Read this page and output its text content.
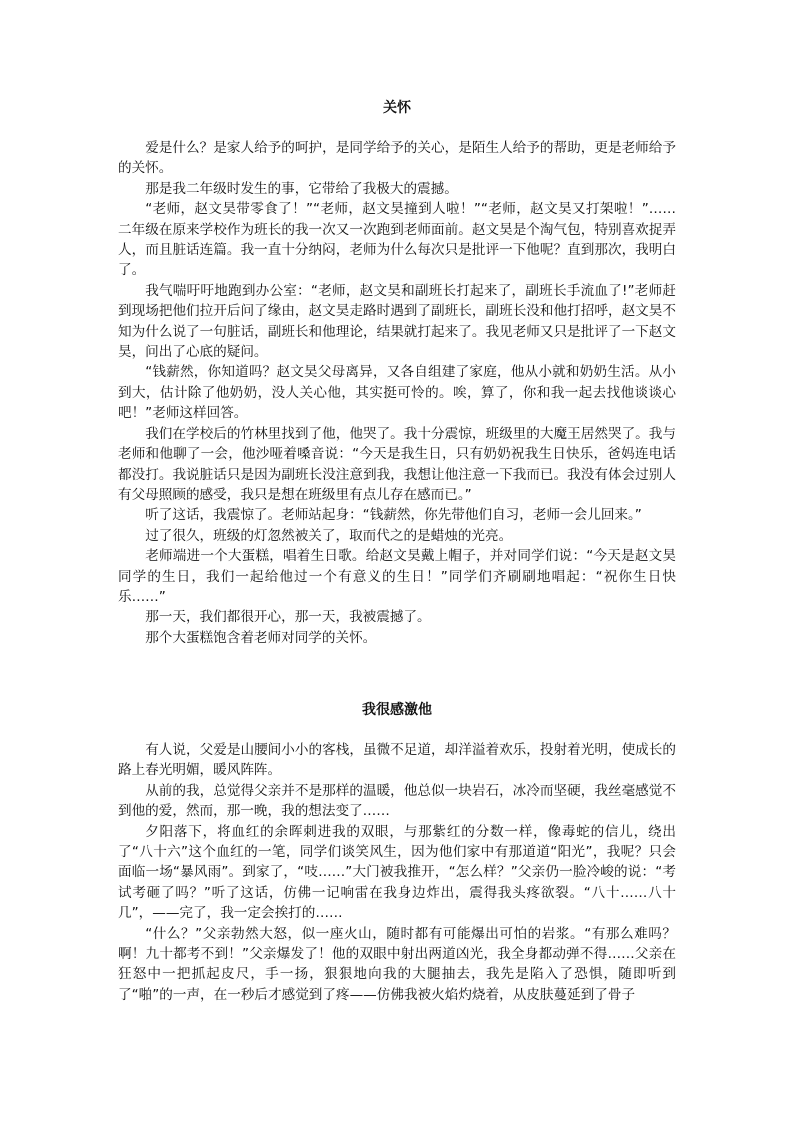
关怀

爱是什么？是家人给予的呵护，是同学给予的关心，是陌生人给予的帮助，更是老师给予的关怀。

那是我二年级时发生的事，它带给了我极大的震撼。

“老师，赵文昊带零食了！”“老师，赵文昊撞到人啦！”“老师，赵文昊又打架啦！”……二年级在原来学校作为班长的我一次又一次跑到老师面前。赵文昊是个淘气包，特别喜欢捉弄人，而且脏话连篇。我一直十分纳闷，老师为什么每次只是批评一下他呢？直到那次，我明白了。

我气喘吁吁地跑到办公室：“老师，赵文昊和副班长打起来了，副班长手流血了!”老师赶到现场把他们拉开后问了缘由，赵文昊走路时遇到了副班长，副班长没和他打招呼，赵文昊不知为什么说了一句脏话，副班长和他理论，结果就打起来了。我见老师又只是批评了一下赵文昊，问出了心底的疑问。

“钱薪然，你知道吗？赵文昊父母离异，又各自组建了家庭，他从小就和奶奶生活。从小到大，估计除了他奶奶，没人关心他，其实挺可怜的。唉，算了，你和我一起去找他谈谈心吧！”老师这样回答。

我们在学校后的竹林里找到了他，他哭了。我十分震惊，班级里的大魔王居然哭了。我与老师和他聊了一会，他沙哑着嗓音说：“今天是我生日，只有奶奶祝我生日快乐，爸妈连电话都没打。我说脏话只是因为副班长没注意到我，我想让他注意一下我而已。我没有体会过别人有父母照顾的感受，我只是想在班级里有点儿存在感而已。”

听了这话，我震惊了。老师站起身：“钱薪然，你先带他们自习，老师一会儿回来。”

过了很久，班级的灯忽然被关了，取而代之的是蜡烛的光亮。

老师端进一个大蛋糕，唱着生日歌。给赵文昊戴上帽子，并对同学们说：“今天是赵文昊同学的生日，我们一起给他过一个有意义的生日！”同学们齐刷刷地唱起：“祝你生日快乐……”

那一天，我们都很开心，那一天，我被震撼了。

那个大蛋糕饱含着老师对同学的关怀。

我很感激他

有人说，父爱是山腰间小小的客栈，虽微不足道，却洋溢着欢乐，投射着光明，使成长的路上春光明媚，暖风阵阵。

从前的我，总觉得父亲并不是那样的温暖，他总似一块岩石，冰冷而坚硬，我丝毫感觉不到他的爱，然而，那一晚，我的想法变了……

夕阳落下，将血红的余晖刺进我的双眼，与那紫红的分数一样，像毒蛇的信儿，绕出了“八十六”这个血红的一笔，同学们谈笑风生，因为他们家中有那道道“阳光”，我呢？只会面临一场“暴风雨”。到家了，“吱……”大门被我推开，“怎么样？”父亲仍一脸冷峻的说：“考试考砸了吗？”听了这话，仿佛一记响雷在我身边炸出，震得我头疼欲裂。“八十……八十几”，——完了，我一定会挨打的……

“什么？”父亲勃然大怒，似一座火山，随时都有可能爆出可怕的岩浆。“有那么难吗？啊！九十都考不到！”父亲爆发了！他的双眼中射出两道凶光，我全身都动弹不得……父亲在狂怒中一把抓起皮尺，手一扬，狠狠地向我的大腿抽去，我先是陷入了恐惧，随即听到了“啪”的一声，在一秒后才感觉到了疼——仿佛我被火焰灼烧着，从皮肤蔓延到了骨子
